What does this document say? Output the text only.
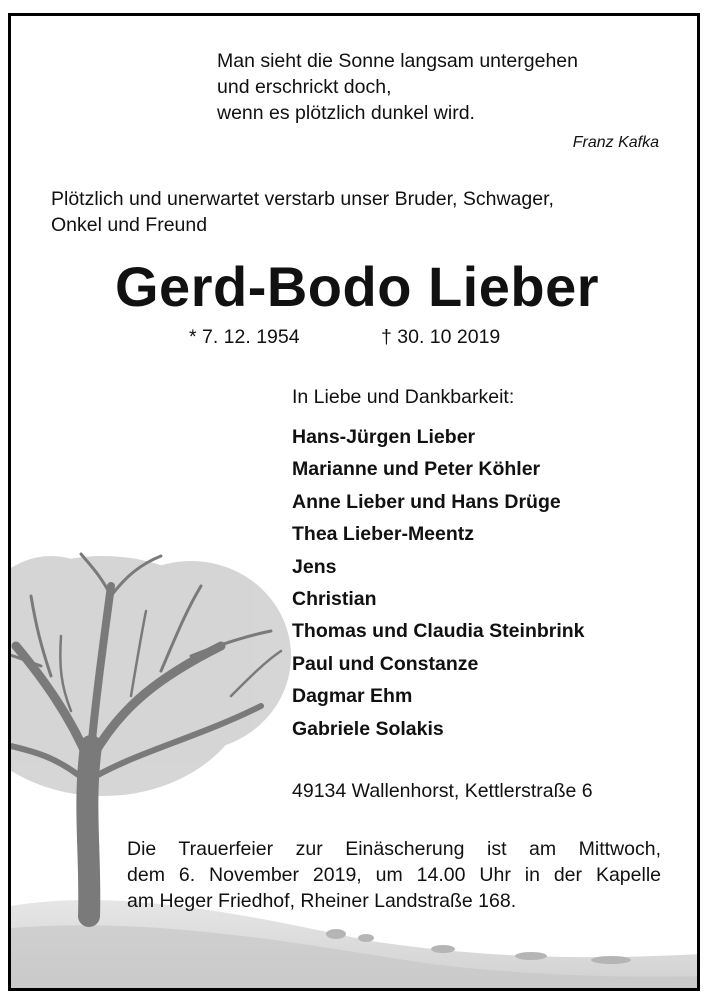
Man sieht die Sonne langsam untergehen
und erschrickt doch,
wenn es plötzlich dunkel wird.
Franz Kafka
Plötzlich und unerwartet verstarb unser Bruder, Schwager,
Onkel und Freund
Gerd-Bodo Lieber
* 7. 12. 1954	† 30. 10 2019
In Liebe und Dankbarkeit:
Hans-Jürgen Lieber
Marianne und Peter Köhler
Anne Lieber und Hans Drüge
Thea Lieber-Meentz
Jens
Christian
Thomas und Claudia Steinbrink
Paul und Constanze
Dagmar Ehm
Gabriele Solakis
49134 Wallenhorst, Kettlerstraße 6
Die Trauerfeier zur Einäscherung ist am Mittwoch,
dem 6. November 2019, um 14.00 Uhr in der Kapelle
am Heger Friedhof, Rheiner Landstraße 168.
